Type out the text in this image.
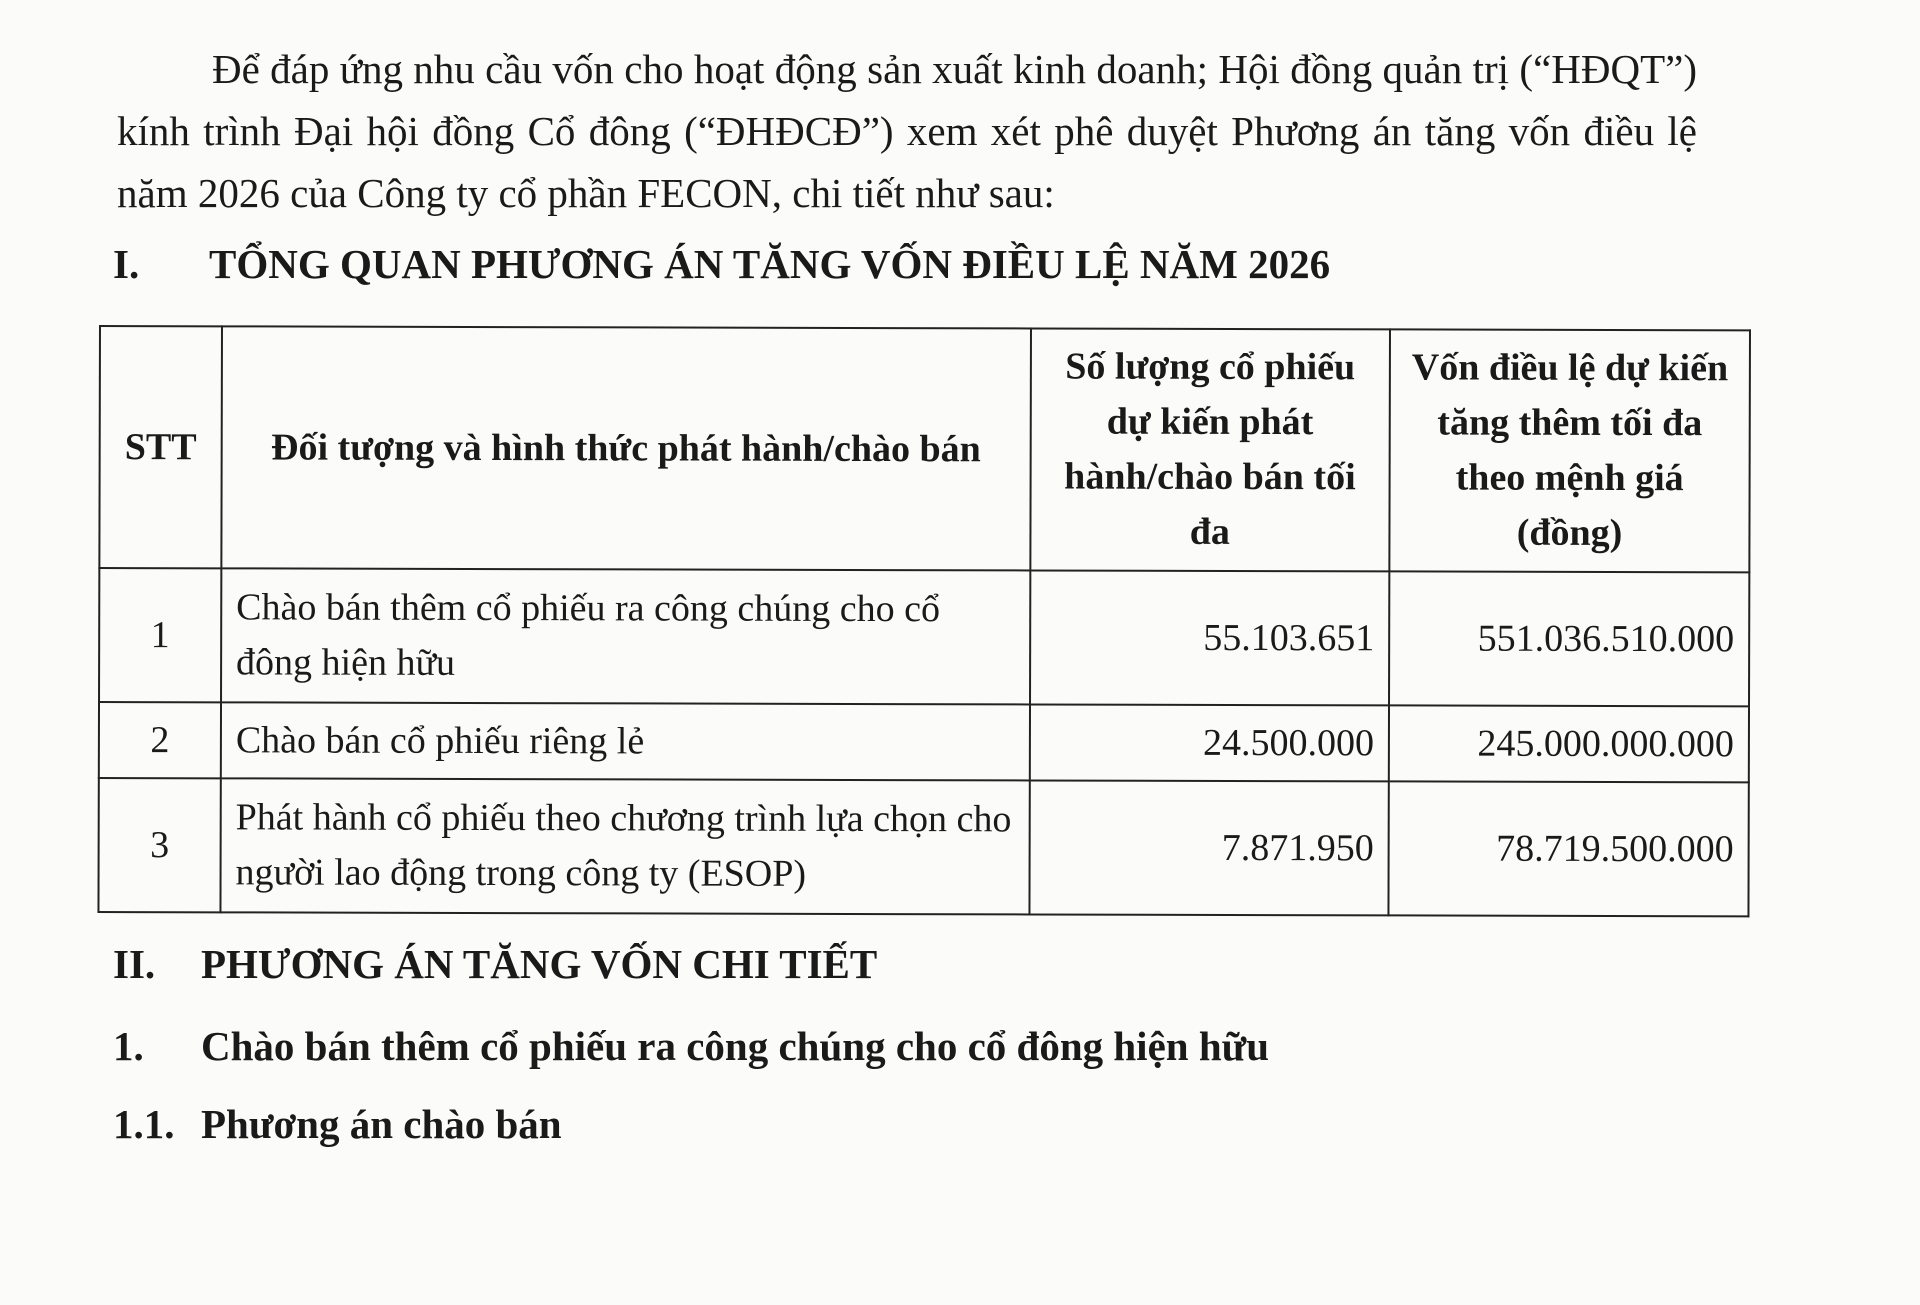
Để đáp ứng nhu cầu vốn cho hoạt động sản xuất kinh doanh; Hội đồng quản trị (“HĐQT”) kính trình Đại hội đồng Cổ đông (“ĐHĐCĐ”) xem xét phê duyệt Phương án tăng vốn điều lệ năm 2026 của Công ty cổ phần FECON, chi tiết như sau:

I. TỔNG QUAN PHƯƠNG ÁN TĂNG VỐN ĐIỀU LỆ NĂM 2026
STT	Đối tượng và hình thức phát hành/chào bán	Số lượng cổ phiếu dự kiến phát hành/chào bán tối đa	Vốn điều lệ dự kiến tăng thêm tối đa theo mệnh giá (đồng)
1	Chào bán thêm cổ phiếu ra công chúng cho cổ đông hiện hữu	55.103.651	551.036.510.000
2	Chào bán cổ phiếu riêng lẻ	24.500.000	245.000.000.000
3	Phát hành cổ phiếu theo chương trình lựa chọn cho người lao động trong công ty (ESOP)	7.871.950	78.719.500.000
II. PHƯƠNG ÁN TĂNG VỐN CHI TIẾT
1. Chào bán thêm cổ phiếu ra công chúng cho cổ đông hiện hữu
1.1. Phương án chào bán
